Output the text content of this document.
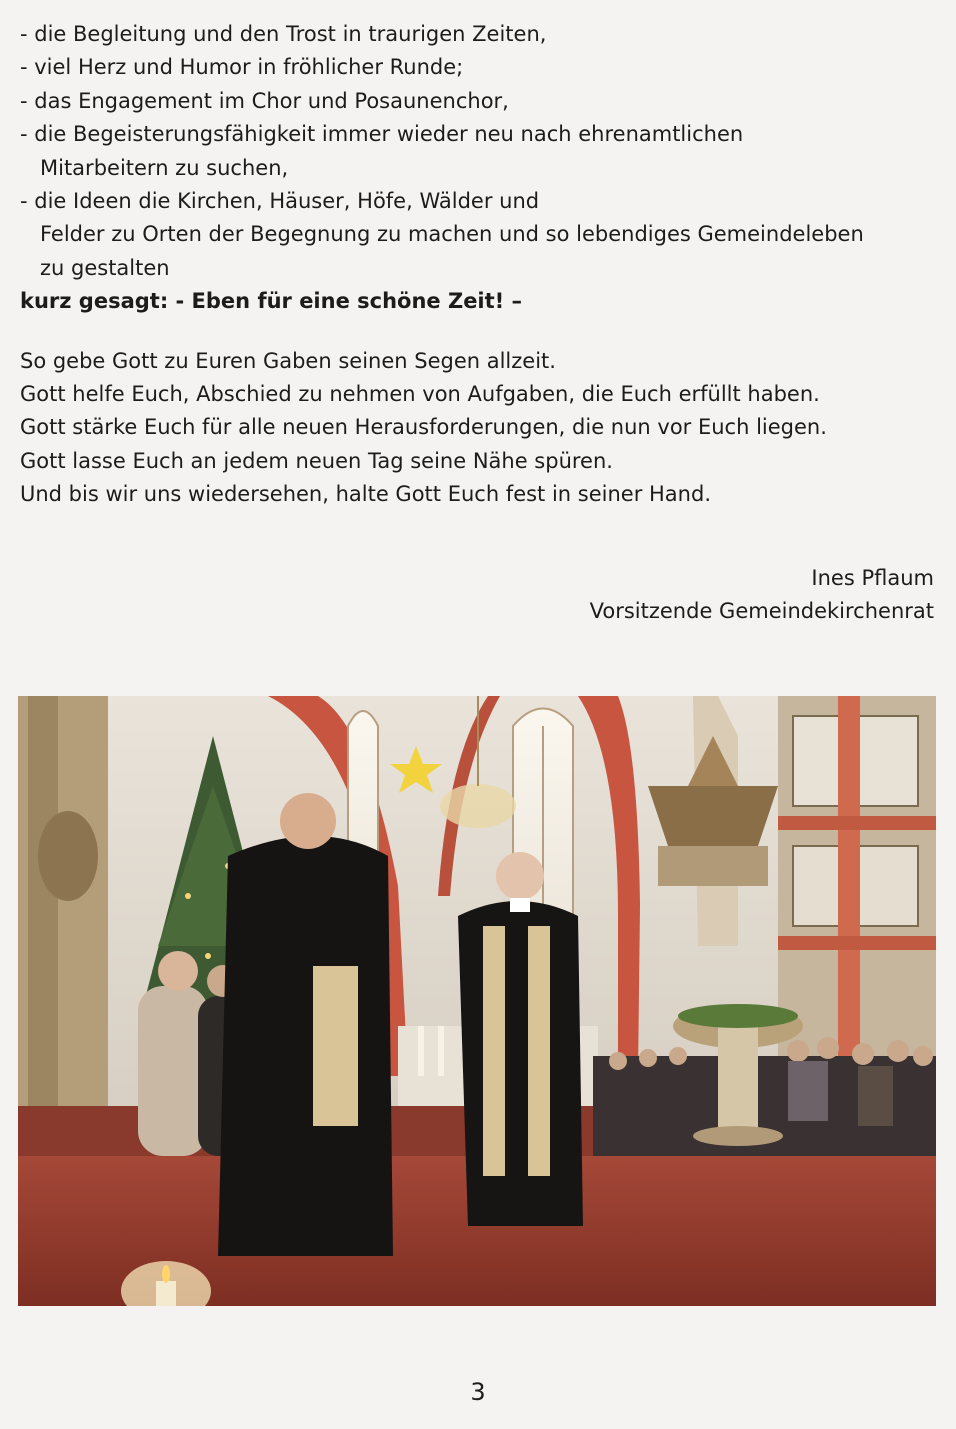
- die Begleitung und den Trost in traurigen Zeiten,
- viel Herz und Humor in fröhlicher Runde;
- das Engagement im Chor und Posaunenchor,
- die Begeisterungsfähigkeit immer wieder neu nach ehrenamtlichen
Mitarbeitern zu suchen,
- die Ideen die Kirchen, Häuser, Höfe, Wälder und
Felder zu Orten der Begegnung zu machen und so lebendiges Gemeindeleben
zu gestalten
kurz gesagt: - Eben für eine schöne Zeit! –
So gebe Gott zu Euren Gaben seinen Segen allzeit.
Gott helfe Euch, Abschied zu nehmen von Aufgaben, die Euch erfüllt haben.
Gott stärke Euch für alle neuen Herausforderungen, die nun vor Euch liegen.
Gott lasse Euch an jedem neuen Tag seine Nähe spüren.
Und bis wir uns wiedersehen, halte Gott Euch fest in seiner Hand.
Ines Pflaum
Vorsitzende Gemeindekirchenrat
3
